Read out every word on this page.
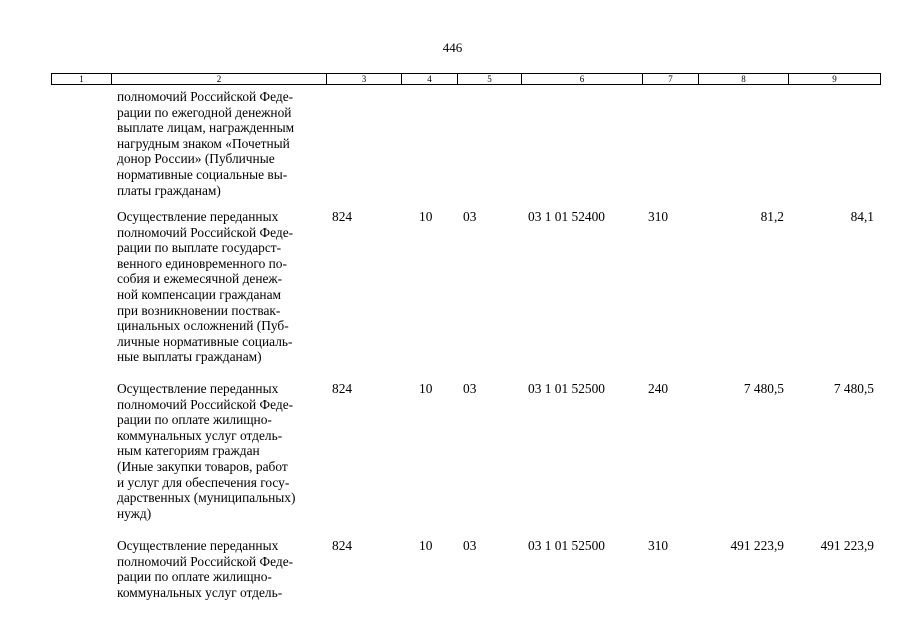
446
1	2	3	4	5	6	7	8	9
полномочий Российской Феде-
рации по ежегодной денежной
выплате лицам, награжденным
нагрудным знаком «Почетный
донор России» (Публичные
нормативные социальные вы-
платы гражданам)
Осуществление переданных
полномочий Российской Феде-
рации по выплате государст-
венного единовременного по-
собия и ежемесячной денеж-
ной компенсации гражданам
при возникновении поствак-
цинальных осложнений (Пуб-
личные нормативные социаль-
ные выплаты гражданам)
824	10 03	03 1 01 52400	310	81,2	84,1
Осуществление переданных
полномочий Российской Феде-
рации по оплате жилищно-
коммунальных услуг отдель-
ным категориям граждан
(Иные закупки товаров, работ
и услуг для обеспечения госу-
дарственных (муниципальных)
нужд)
824	10 03	03 1 01 52500	240	7 480,5	7 480,5
Осуществление переданных
полномочий Российской Феде-
рации по оплате жилищно-
коммунальных услуг отдель-
824	10 03	03 1 01 52500	310	491 223,9	491 223,9
